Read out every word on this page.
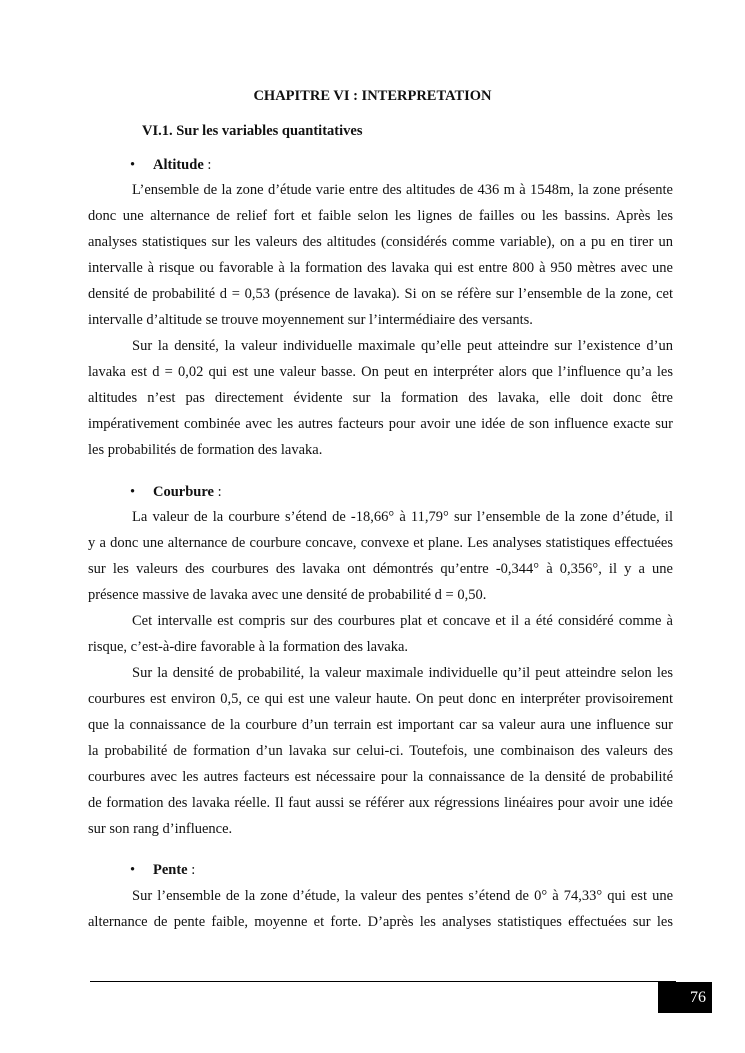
CHAPITRE VI : INTERPRETATION
VI.1. Sur les variables quantitatives
• Altitude :
L’ensemble de la zone d’étude varie entre des altitudes de 436 m à 1548m, la zone présente
donc une alternance de relief fort et faible selon les lignes de failles ou les bassins. Après les
analyses statistiques sur les valeurs des altitudes (considérés comme variable), on a pu en tirer un
intervalle à risque ou favorable à la formation des lavaka qui est entre 800 à 950 mètres avec une
densité de probabilité d = 0,53 (présence de lavaka). Si on se réfère sur l’ensemble de la zone, cet
intervalle d’altitude se trouve moyennement sur l’intermédiaire des versants.
Sur la densité, la valeur individuelle maximale qu’elle peut atteindre sur l’existence d’un
lavaka est d = 0,02 qui est une valeur basse. On peut en interpréter alors que l’influence qu’a les
altitudes n’est pas directement évidente sur la formation des lavaka, elle doit donc être
impérativement combinée avec les autres facteurs pour avoir une idée de son influence exacte sur
les probabilités de formation des lavaka.
• Courbure :
La valeur de la courbure s’étend de -18,66° à 11,79° sur l’ensemble de la zone d’étude, il
y a donc une alternance de courbure concave, convexe et plane. Les analyses statistiques effectuées
sur les valeurs des courbures des lavaka ont démontrés qu’entre -0,344° à 0,356°, il y a une
présence massive de lavaka avec une densité de probabilité d = 0,50.
Cet intervalle est compris sur des courbures plat et concave et il a été considéré comme à
risque, c’est-à-dire favorable à la formation des lavaka.
Sur la densité de probabilité, la valeur maximale individuelle qu’il peut atteindre selon les
courbures est environ 0,5, ce qui est une valeur haute. On peut donc en interpréter provisoirement
que la connaissance de la courbure d’un terrain est important car sa valeur aura une influence sur
la probabilité de formation d’un lavaka sur celui-ci. Toutefois, une combinaison des valeurs des
courbures avec les autres facteurs est nécessaire pour la connaissance de la densité de probabilité
de formation des lavaka réelle. Il faut aussi se référer aux régressions linéaires pour avoir une idée
sur son rang d’influence.
• Pente :
Sur l’ensemble de la zone d’étude, la valeur des pentes s’étend de 0° à 74,33° qui est une
alternance de pente faible, moyenne et forte. D’après les analyses statistiques effectuées sur les
76
